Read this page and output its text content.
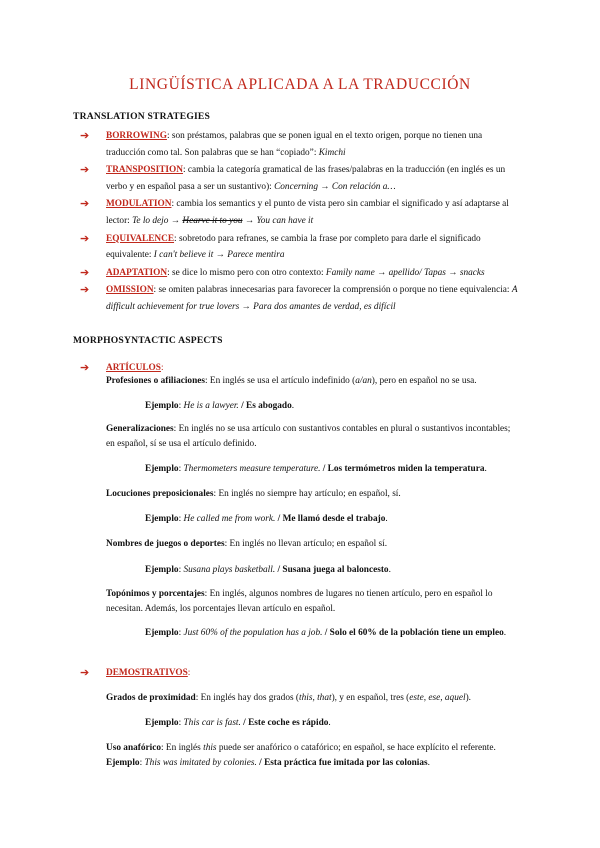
LINGÜÍSTICA APLICADA A LA TRADUCCIÓN
TRANSLATION STRATEGIES
➔ BORROWING: son préstamos, palabras que se ponen igual en el texto origen, porque no tienen una traducción como tal. Son palabras que se han “copiado”: Kimchi
➔ TRANSPOSITION: cambia la categoría gramatical de las frases/palabras en la traducción (en inglés es un verbo y en español pasa a ser un sustantivo): Concerning → Con relación a…
➔ MODULATION: cambia los semantics y el punto de vista pero sin cambiar el significado y así adaptarse al lector: Te lo dejo → Hearve it to you → You can have it
➔ EQUIVALENCE: sobretodo para refranes, se cambia la frase por completo para darle el significado equivalente: I can't believe it → Parece mentira
➔ ADAPTATION: se dice lo mismo pero con otro contexto: Family name → apellido/ Tapas → snacks
➔ OMISSION: se omiten palabras innecesarias para favorecer la comprensión o porque no tiene equivalencia: A difficult achievement for true lovers → Para dos amantes de verdad, es difícil
MORPHOSYNTACTIC ASPECTS
➔ ARTÍCULOS:
Profesiones o afiliaciones: En inglés se usa el artículo indefinido (a/an), pero en español no se usa.
Ejemplo: He is a lawyer. / Es abogado.
Generalizaciones: En inglés no se usa artículo con sustantivos contables en plural o sustantivos incontables; en español, sí se usa el artículo definido.
Ejemplo: Thermometers measure temperature. / Los termómetros miden la temperatura.
Locuciones preposicionales: En inglés no siempre hay artículo; en español, sí.
Ejemplo: He called me from work. / Me llamó desde el trabajo.
Nombres de juegos o deportes: En inglés no llevan artículo; en español sí.
Ejemplo: Susana plays basketball. / Susana juega al baloncesto.
Topónimos y porcentajes: En inglés, algunos nombres de lugares no tienen artículo, pero en español lo necesitan. Además, los porcentajes llevan artículo en español.
Ejemplo: Just 60% of the population has a job. / Solo el 60% de la población tiene un empleo.
➔ DEMOSTRATIVOS:
Grados de proximidad: En inglés hay dos grados (this, that), y en español, tres (este, ese, aquel).
Ejemplo: This car is fast. / Este coche es rápido.
Uso anafórico: En inglés this puede ser anafórico o catafórico; en español, se hace explícito el referente. Ejemplo: This was imitated by colonies. / Esta práctica fue imitada por las colonias.
